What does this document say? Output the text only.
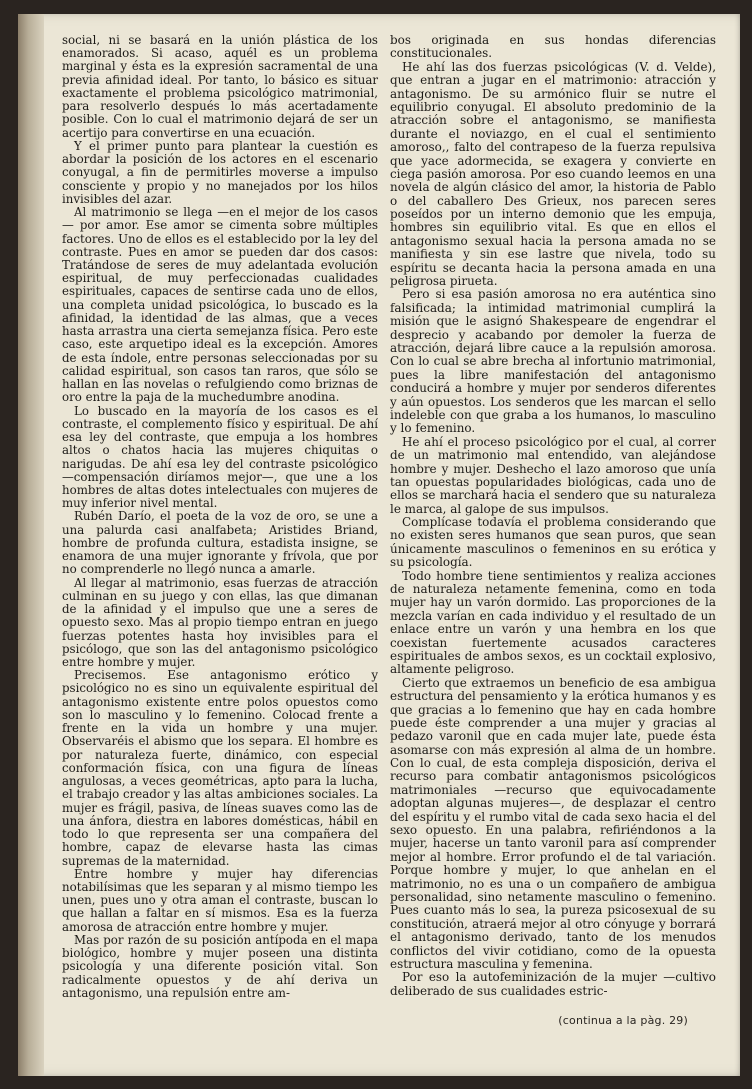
social, ni se basará en la unión plástica de los enamorados. Si acaso, aquél es un problema marginal y ésta es la expresión sacramental de una previa afinidad ideal. Por tanto, lo básico es situar exactamente el problema psicológico matrimonial, para resolverlo después lo más acertadamente posible. Con lo cual el matrimonio dejará de ser un acertijo para convertirse en una ecuación.

Y el primer punto para plantear la cuestión es abordar la posición de los actores en el escenario conyugal, a fin de permitirles moverse a impulso consciente y propio y no manejados por los hilos invisibles del azar.

Al matrimonio se llega —en el mejor de los casos— por amor. Ese amor se cimenta sobre múltiples factores. Uno de ellos es el establecido por la ley del contraste. Pues en amor se pueden dar dos casos: Tratándose de seres de muy adelantada evolución espiritual, de muy perfeccionadas cualidades espirituales, capaces de sentirse cada uno de ellos, una completa unidad psicológica, lo buscado es la afinidad, la identidad de las almas, que a veces hasta arrastra una cierta semejanza física. Pero este caso, este arquetipo ideal es la excepción. Amores de esta índole, entre personas seleccionadas por su calidad espiritual, son casos tan raros, que sólo se hallan en las novelas o refulgiendo como briznas de oro entre la paja de la muchedumbre anodina.

Lo buscado en la mayoría de los casos es el contraste, el complemento físico y espiritual. De ahí esa ley del contraste, que empuja a los hombres altos o chatos hacia las mujeres chiquitas o narigudas. De ahí esa ley del contraste psicológico —compensación diríamos mejor—, que une a los hombres de altas dotes intelectuales con mujeres de muy inferior nivel mental.

Rubén Darío, el poeta de la voz de oro, se une a una palurda casi analfabeta; Aristides Briand, hombre de profunda cultura, estadista insigne, se enamora de una mujer ignorante y frívola, que por no comprenderle no llegó nunca a amarle.

Al llegar al matrimonio, esas fuerzas de atracción culminan en su juego y con ellas, las que dimanan de la afinidad y el impulso que une a seres de opuesto sexo. Mas al propio tiempo entran en juego fuerzas potentes hasta hoy invisibles para el psicólogo, que son las del antagonismo psicológico entre hombre y mujer.

Precisemos. Ese antagonismo erótico y psicológico no es sino un equivalente espiritual del antagonismo existente entre polos opuestos como son lo masculino y lo femenino. Colocad frente a frente en la vida un hombre y una mujer. Observaréis el abismo que los separa. El hombre es por naturaleza fuerte, dinámico, con especial conformación física, con una figura de líneas angulosas, a veces geométricas, apto para la lucha, el trabajo creador y las altas ambiciones sociales. La mujer es frágil, pasiva, de líneas suaves como las de una ánfora, diestra en labores domésticas, hábil en todo lo que representa ser una compañera del hombre, capaz de elevarse hasta las cimas supremas de la maternidad.

Entre hombre y mujer hay diferencias notabilísimas que les separan y al mismo tiempo les unen, pues uno y otra aman el contraste, buscan lo que hallan a faltar en sí mismos. Esa es la fuerza amorosa de atracción entre hombre y mujer.

Mas por razón de su posición antípoda en el mapa biológico, hombre y mujer poseen una distinta psicología y una diferente posición vital. Son radicalmente opuestos y de ahí deriva un antagonismo, una repulsión entre am-

bos originada en sus hondas diferencias constitucionales.

He ahí las dos fuerzas psicológicas (V. d. Velde), que entran a jugar en el matrimonio: atracción y antagonismo. De su armónico fluir se nutre el equilibrio conyugal. El absoluto predominio de la atracción sobre el antagonismo, se manifiesta durante el noviazgo, en el cual el sentimiento amoroso,, falto del contrapeso de la fuerza repulsiva que yace adormecida, se exagera y convierte en ciega pasión amorosa. Por eso cuando leemos en una novela de algún clásico del amor, la historia de Pablo o del caballero Des Grieux, nos parecen seres poseídos por un interno demonio que les empuja, hombres sin equilibrio vital. Es que en ellos el antagonismo sexual hacia la persona amada no se manifiesta y sin ese lastre que nivela, todo su espíritu se decanta hacia la persona amada en una peligrosa pirueta.

Pero si esa pasión amorosa no era auténtica sino falsificada; la intimidad matrimonial cumplirá la misión que le asignó Shakespeare de engendrar el desprecio y acabando por demoler la fuerza de atracción, dejará libre cauce a la repulsión amorosa. Con lo cual se abre brecha al infortunio matrimonial, pues la libre manifestación del antagonismo conducirá a hombre y mujer por senderos diferentes y aún opuestos. Los senderos que les marcan el sello indeleble con que graba a los humanos, lo masculino y lo femenino.

He ahí el proceso psicológico por el cual, al correr de un matrimonio mal entendido, van alejándose hombre y mujer. Deshecho el lazo amoroso que unía tan opuestas popularidades biológicas, cada uno de ellos se marchará hacia el sendero que su naturaleza le marca, al galope de sus impulsos.

Complícase todavía el problema considerando que no existen seres humanos que sean puros, que sean únicamente masculinos o femeninos en su erótica y su psicología.

Todo hombre tiene sentimientos y realiza acciones de naturaleza netamente femenina, como en toda mujer hay un varón dormido. Las proporciones de la mezcla varían en cada individuo y el resultado de un enlace entre un varón y una hembra en los que coexistan fuertemente acusados caracteres espirituales de ambos sexos, es un cocktail explosivo, altamente peligroso.

Cierto que extraemos un beneficio de esa ambigua estructura del pensamiento y la erótica humanos y es que gracias a lo femenino que hay en cada hombre puede éste comprender a una mujer y gracias al pedazo varonil que en cada mujer late, puede ésta asomarse con más expresión al alma de un hombre. Con lo cual, de esta compleja disposición, deriva el recurso para combatir antagonismos psicológicos matrimoniales —recurso que equivocadamente adoptan algunas mujeres—, de desplazar el centro del espíritu y el rumbo vital de cada sexo hacia el del sexo opuesto. En una palabra, refiriéndonos a la mujer, hacerse un tanto varonil para así comprender mejor al hombre. Error profundo el de tal variación. Porque hombre y mujer, lo que anhelan en el matrimonio, no es una o un compañero de ambigua personalidad, sino netamente masculino o femenino. Pues cuanto más lo sea, la pureza psicosexual de su constitución, atraerá mejor al otro cónyuge y borrará el antagonismo derivado, tanto de los menudos conflictos del vivir cotidiano, como de la opuesta estructura masculina y femenina.

Por eso la autofeminización de la mujer —cultivo deliberado de sus cualidades estric-

(continua a la pàg. 29)
